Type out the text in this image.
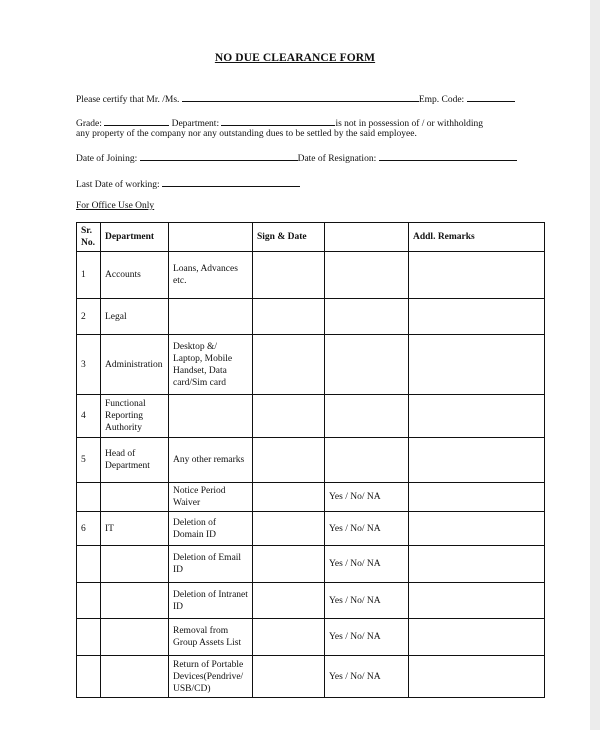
NO DUE CLEARANCE FORM
Please certify that Mr. /Ms.	Emp. Code:
Grade:	Department:	is not in possession of / or withholding
any property of the company nor any outstanding dues to be settled by the said employee.
Date of Joining:	Date of Resignation:
Last Date of working:
For Office Use Only
Sr. No.	Department		Sign & Date		Addl. Remarks
1	Accounts	Loans, Advances etc.			
2	Legal				
3	Administration	Desktop &/ Laptop, Mobile Handset, Data card/Sim card			
4	Functional Reporting Authority				
5	Head of Department	Any other remarks			
		Notice Period Waiver		Yes / No/ NA	
6	IT	Deletion of Domain ID		Yes / No/ NA	
		Deletion of Email ID		Yes / No/ NA	
		Deletion of Intranet ID		Yes / No/ NA	
		Removal from Group Assets List		Yes / No/ NA	
		Return of Portable Devices(Pendrive/ USB/CD)		Yes / No/ NA	
